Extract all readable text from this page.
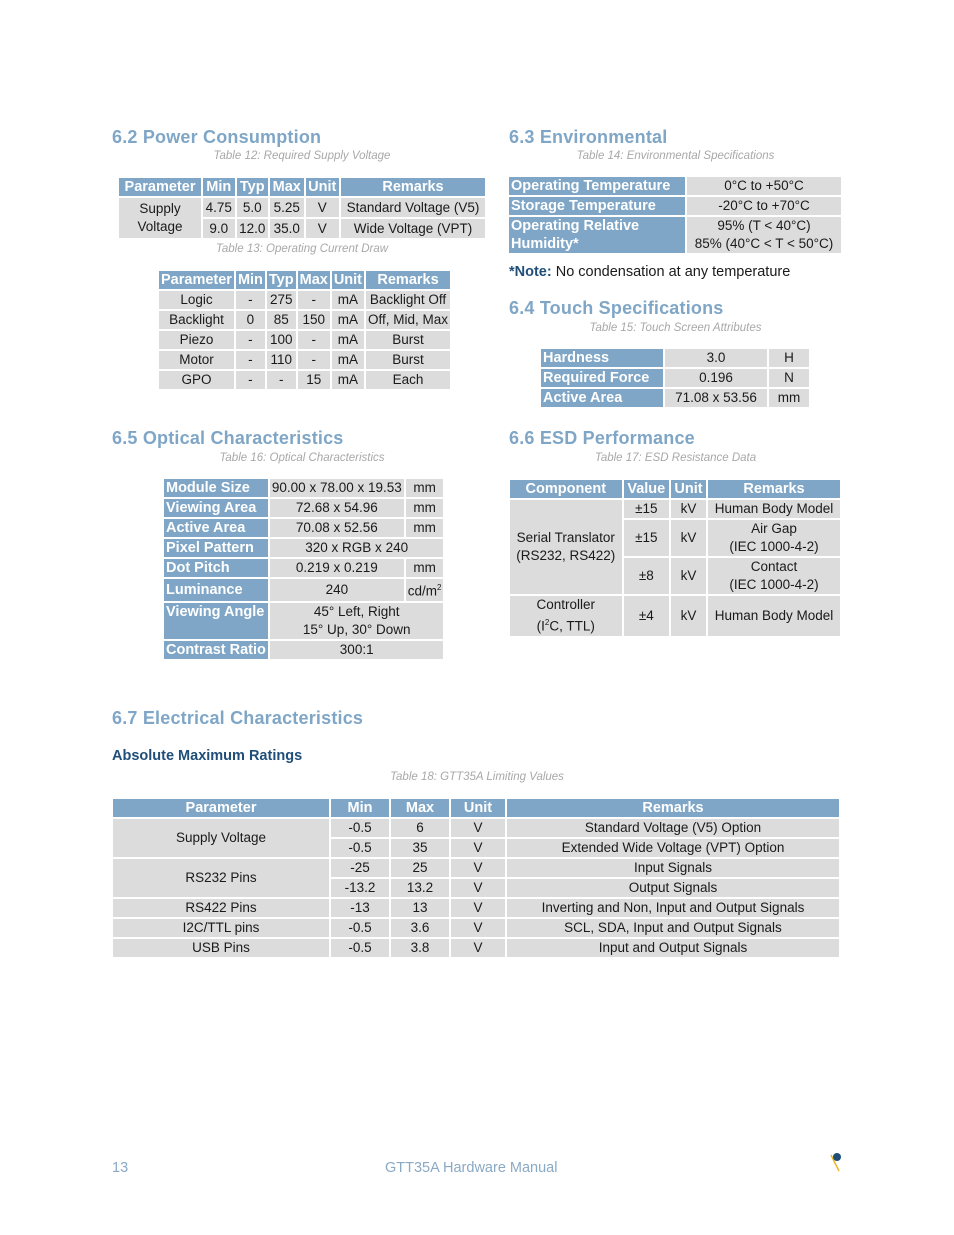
6.2 Power Consumption
Table 12: Required Supply Voltage
Parameter	Min	Typ	Max	Unit	Remarks
Supply Voltage	4.75	5.0	5.25	V	Standard Voltage (V5)
	9.0	12.0	35.0	V	Wide Voltage (VPT)
Table 13: Operating Current Draw
Parameter	Min	Typ	Max	Unit	Remarks
Logic	-	275	-	mA	Backlight Off
Backlight	0	85	150	mA	Off, Mid, Max
Piezo	-	100	-	mA	Burst
Motor	-	110	-	mA	Burst
GPO	-	-	15	mA	Each
6.3 Environmental
Table 14: Environmental Specifications
Operating Temperature	0°C to +50°C
Storage Temperature	-20°C to +70°C
Operating Relative Humidity*	95% (T < 40°C)
85% (40°C < T < 50°C)
*Note: No condensation at any temperature
6.4 Touch Specifications
Table 15: Touch Screen Attributes
Hardness	3.0	H
Required Force	0.196	N
Active Area	71.08 x 53.56	mm
6.5 Optical Characteristics
Table 16: Optical Characteristics
Module Size	90.00 x 78.00 x 19.53	mm
Viewing Area	72.68 x 54.96	mm
Active Area	70.08 x 52.56	mm
Pixel Pattern	320 x RGB x 240	
Dot Pitch	0.219 x 0.219	mm
Luminance	240	$cd/m^2$
Viewing Angle	45° Left, Right
15° Up, 30° Down	

Contrast Ratio	300:1	
6.6 ESD Performance
Table 17: ESD Resistance Data
Component	Value	Unit	Remarks

Serial Translator
(RS232, RS422)	±15	kV	Human Body Model
	±15	kV	Air Gap
(IEC 1000-4-2)

	±8	kV	Contact
(IEC 1000-4-2)

Controller
($I^2C$, TTL)	±4	kV	Human Body Model
6.7 Electrical Characteristics
Absolute Maximum Ratings
Table 18: GTT35A Limiting Values
Parameter	Min	Max	Unit	Remarks
Supply Voltage	-0.5	6	V	Standard Voltage (V5) Option
	-0.5	35	V	Extended Wide Voltage (VPT) Option
RS232 Pins	-25	25	V	Input Signals
	-13.2	13.2	V	Output Signals
RS422 Pins	-13	13	V	Inverting and Non, Input and Output Signals
I2C/TTL pins	-0.5	3.6	V	SCL, SDA, Input and Output Signals
USB Pins	-0.5	3.8	V	Input and Output Signals
13	GTT35A Hardware Manual
